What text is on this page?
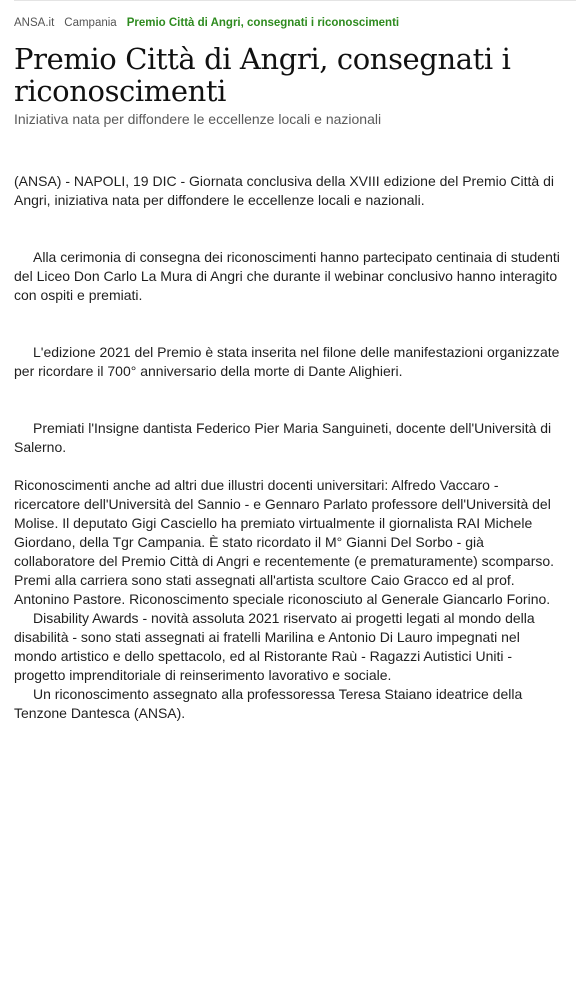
ANSA.it Campania Premio Città di Angri, consegnati i riconoscimenti
Premio Città di Angri, consegnati i riconoscimenti

Iniziativa nata per diffondere le eccellenze locali e nazionali

(ANSA) - NAPOLI, 19 DIC - Giornata conclusiva della XVIII edizione del Premio Città di Angri, iniziativa nata per diffondere le eccellenze locali e nazionali.

Alla cerimonia di consegna dei riconoscimenti hanno partecipato centinaia di studenti del Liceo Don Carlo La Mura di Angri che durante il webinar conclusivo hanno interagito con ospiti e premiati.

L'edizione 2021 del Premio è stata inserita nel filone delle manifestazioni organizzate per ricordare il 700° anniversario della morte di Dante Alighieri.

Premiati l'Insigne dantista Federico Pier Maria Sanguineti, docente dell'Università di Salerno.

Riconoscimenti anche ad altri due illustri docenti universitari: Alfredo Vaccaro - ricercatore dell'Università del Sannio - e Gennaro Parlato professore dell'Università del Molise. Il deputato Gigi Casciello ha premiato virtualmente il giornalista RAI Michele Giordano, della Tgr Campania. È stato ricordato il M° Gianni Del Sorbo - già collaboratore del Premio Città di Angri e recentemente (e prematuramente) scomparso. Premi alla carriera sono stati assegnati all'artista scultore Caio Gracco ed al prof. Antonino Pastore. Riconoscimento speciale riconosciuto al Generale Giancarlo Forino.

Disability Awards - novità assoluta 2021 riservato ai progetti legati al mondo della disabilità - sono stati assegnati ai fratelli Marilina e Antonio Di Lauro impegnati nel mondo artistico e dello spettacolo, ed al Ristorante Raù - Ragazzi Autistici Uniti - progetto imprenditoriale di reinserimento lavorativo e sociale.

Un riconoscimento assegnato alla professoressa Teresa Staiano ideatrice della Tenzone Dantesca (ANSA).
